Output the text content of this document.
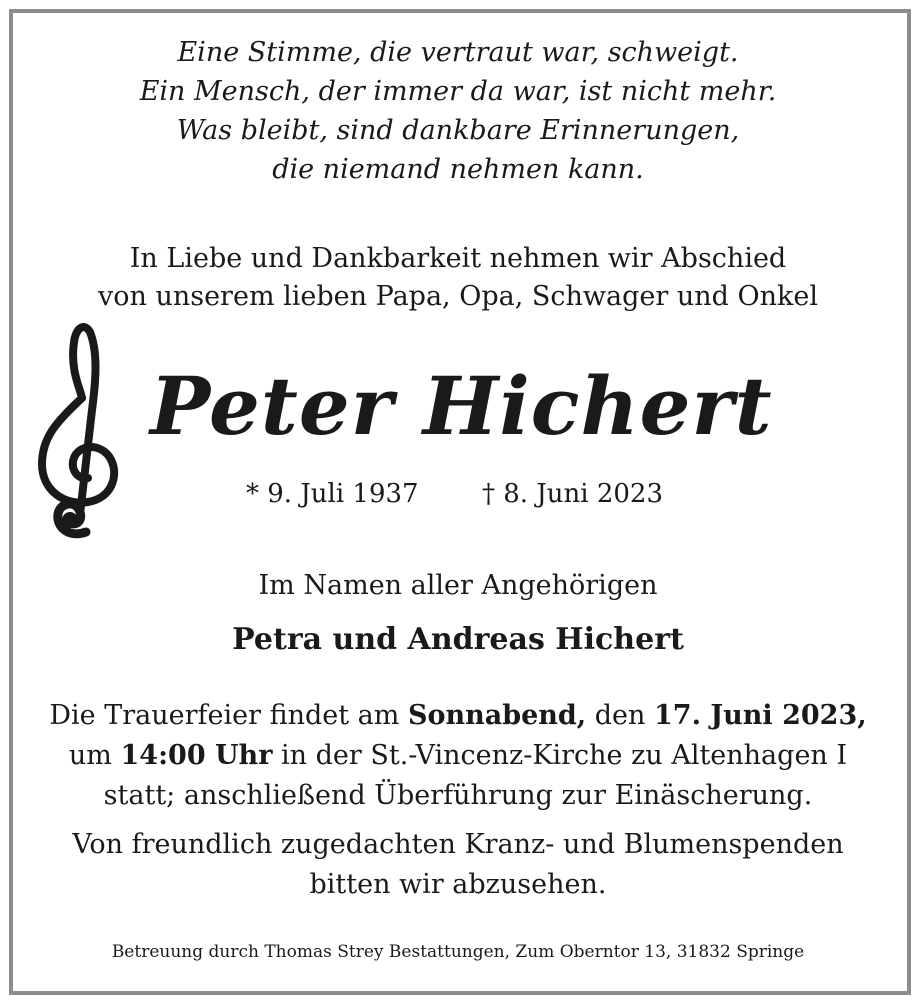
Eine Stimme, die vertraut war, schweigt.
Ein Mensch, der immer da war, ist nicht mehr.
Was bleibt, sind dankbare Erinnerungen,
die niemand nehmen kann.
In Liebe und Dankbarkeit nehmen wir Abschied
von unserem lieben Papa, Opa, Schwager und Onkel
Peter Hichert
* 9. Juli 1937 † 8. Juni 2023
Im Namen aller Angehörigen
Petra und Andreas Hichert
Die Trauerfeier findet am Sonnabend, den 17. Juni 2023,
um 14:00 Uhr in der St.-Vincenz-Kirche zu Altenhagen I
statt; anschließend Überführung zur Einäscherung.
Von freundlich zugedachten Kranz- und Blumenspenden
bitten wir abzusehen.
Betreuung durch Thomas Strey Bestattungen, Zum Oberntor 13, 31832 Springe
